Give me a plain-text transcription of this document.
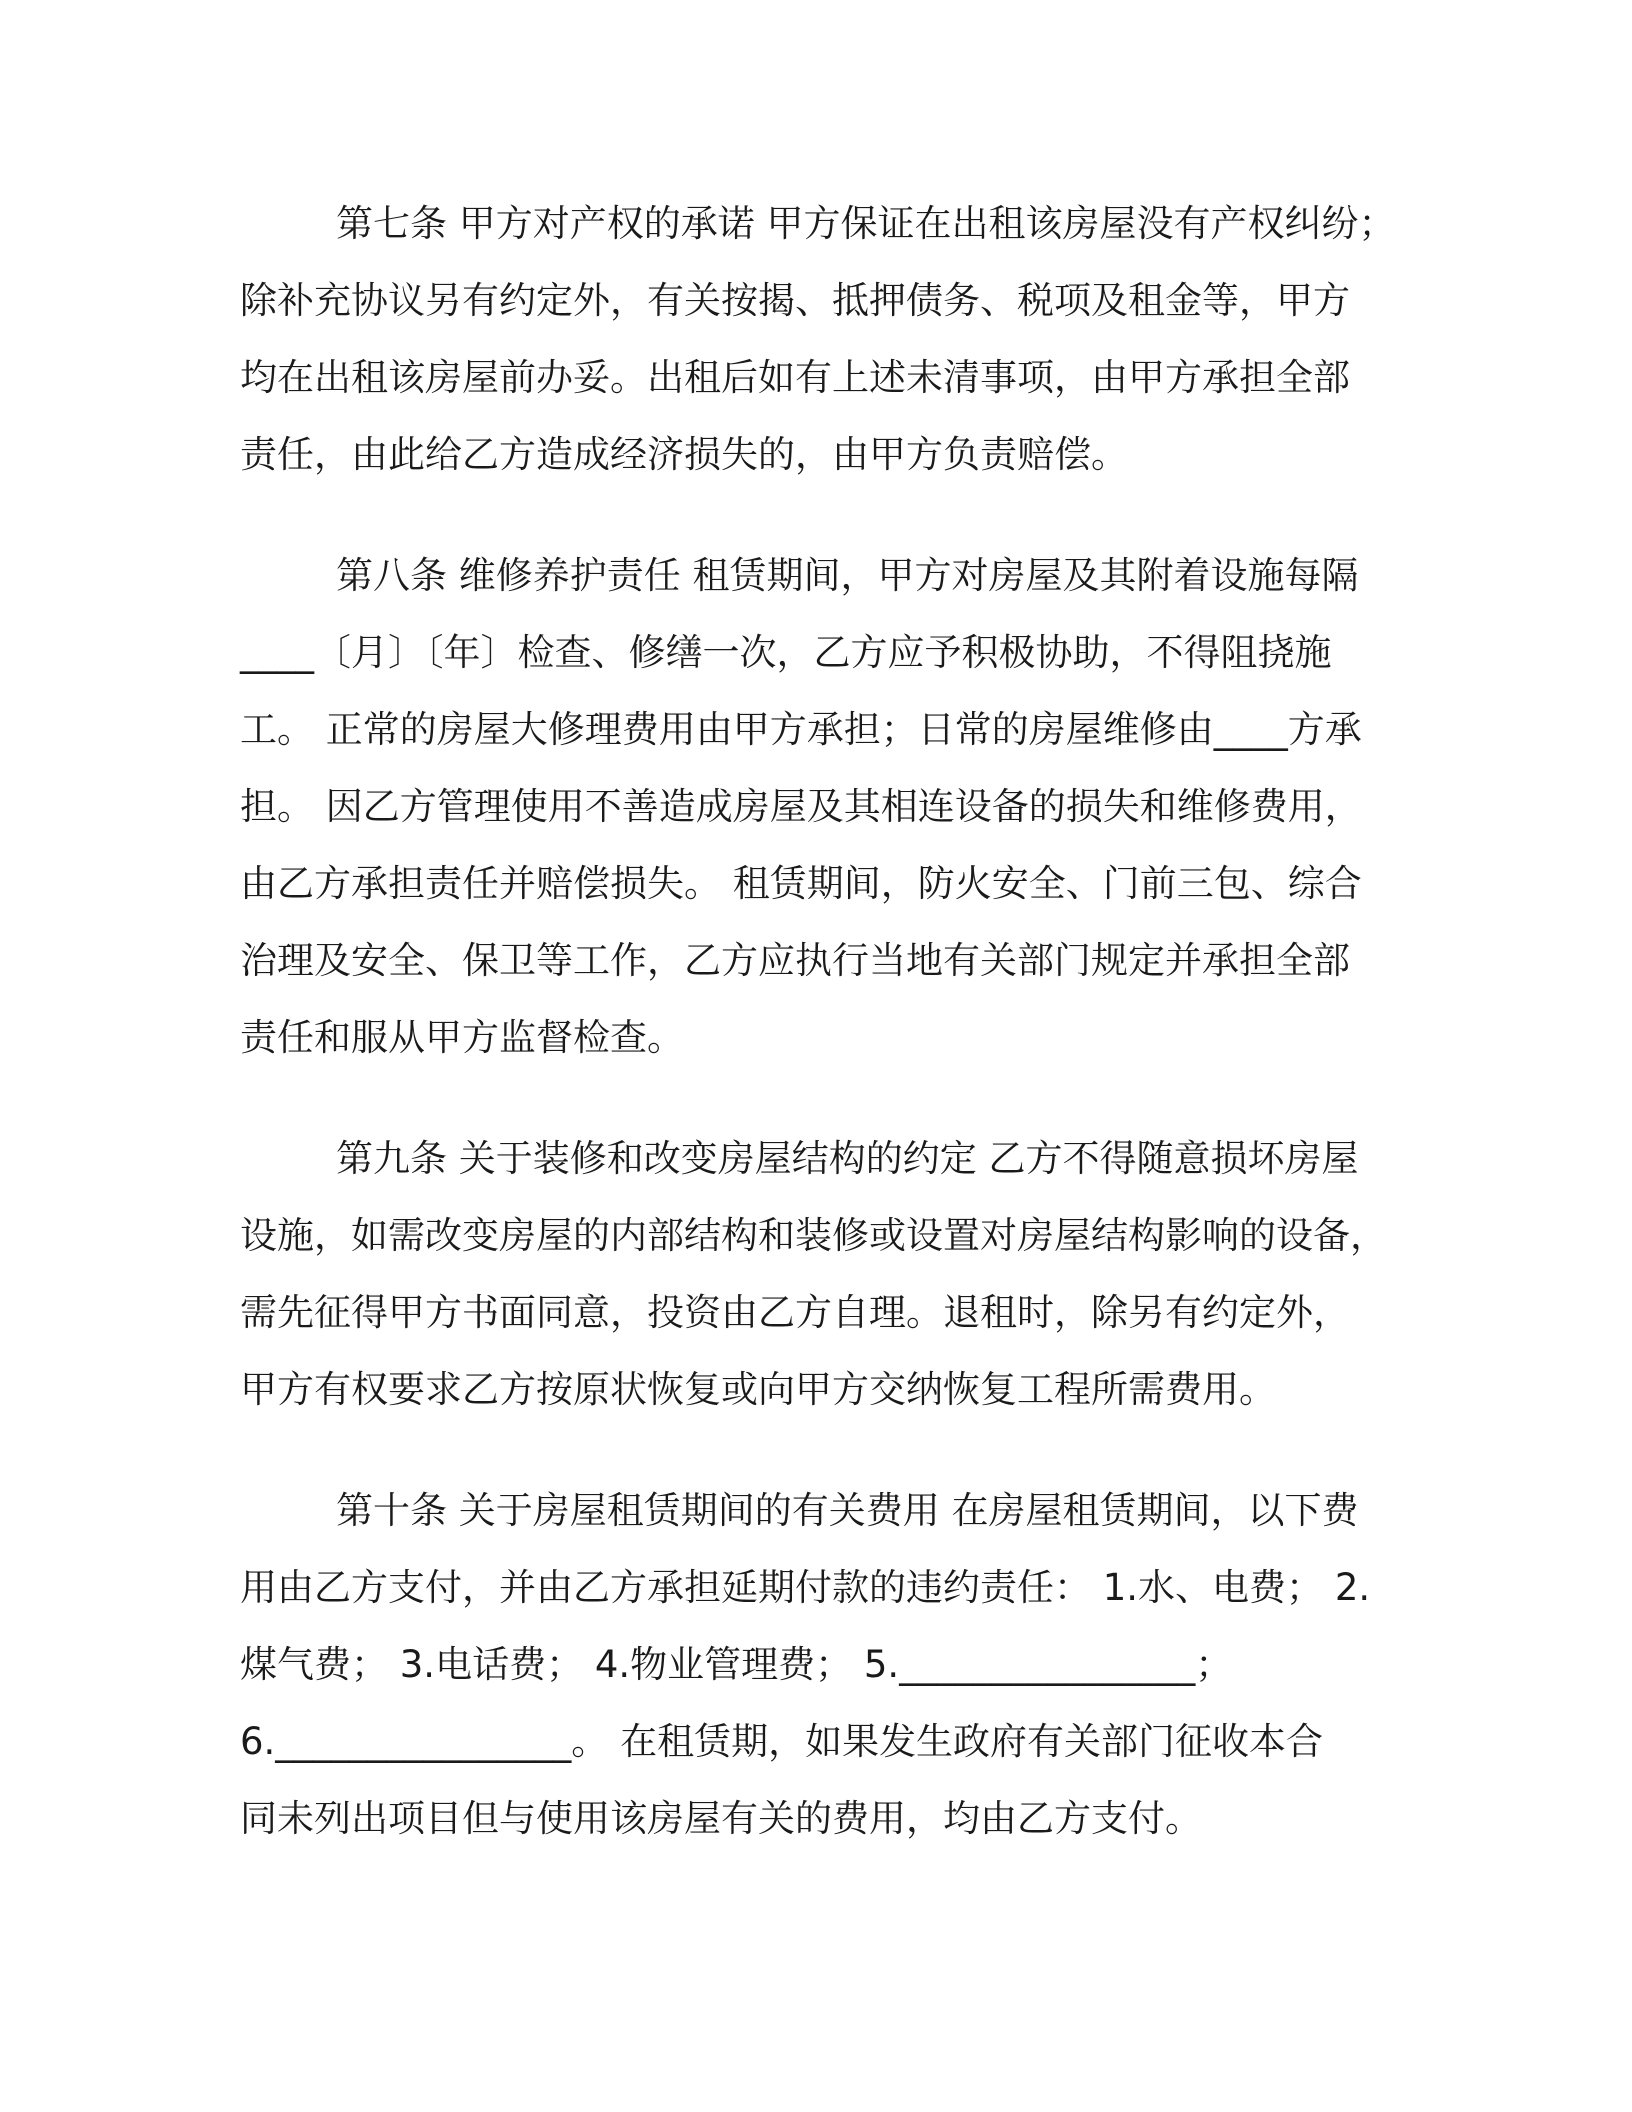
第七条 甲方对产权的承诺 甲方保证在出租该房屋没有产权纠纷；
除补充协议另有约定外，有关按揭、抵押债务、税项及租金等，甲方
均在出租该房屋前办妥。出租后如有上述未清事项，由甲方承担全部
责任，由此给乙方造成经济损失的，由甲方负责赔偿。

第八条 维修养护责任 租赁期间，甲方对房屋及其附着设施每隔
____〔月〕〔年〕检查、修缮一次，乙方应予积极协助，不得阻挠施
工。 正常的房屋大修理费用由甲方承担；日常的房屋维修由____方承
担。 因乙方管理使用不善造成房屋及其相连设备的损失和维修费用，
由乙方承担责任并赔偿损失。 租赁期间，防火安全、门前三包、综合
治理及安全、保卫等工作，乙方应执行当地有关部门规定并承担全部
责任和服从甲方监督检查。

第九条 关于装修和改变房屋结构的约定 乙方不得随意损坏房屋
设施，如需改变房屋的内部结构和装修或设置对房屋结构影响的设备，
需先征得甲方书面同意，投资由乙方自理。退租时，除另有约定外，
甲方有权要求乙方按原状恢复或向甲方交纳恢复工程所需费用。

第十条 关于房屋租赁期间的有关费用 在房屋租赁期间，以下费
用由乙方支付，并由乙方承担延期付款的违约责任： 1.水、电费； 2.
煤气费； 3.电话费； 4.物业管理费； 5.________________；
6.________________。 在租赁期，如果发生政府有关部门征收本合
同未列出项目但与使用该房屋有关的费用，均由乙方支付。
